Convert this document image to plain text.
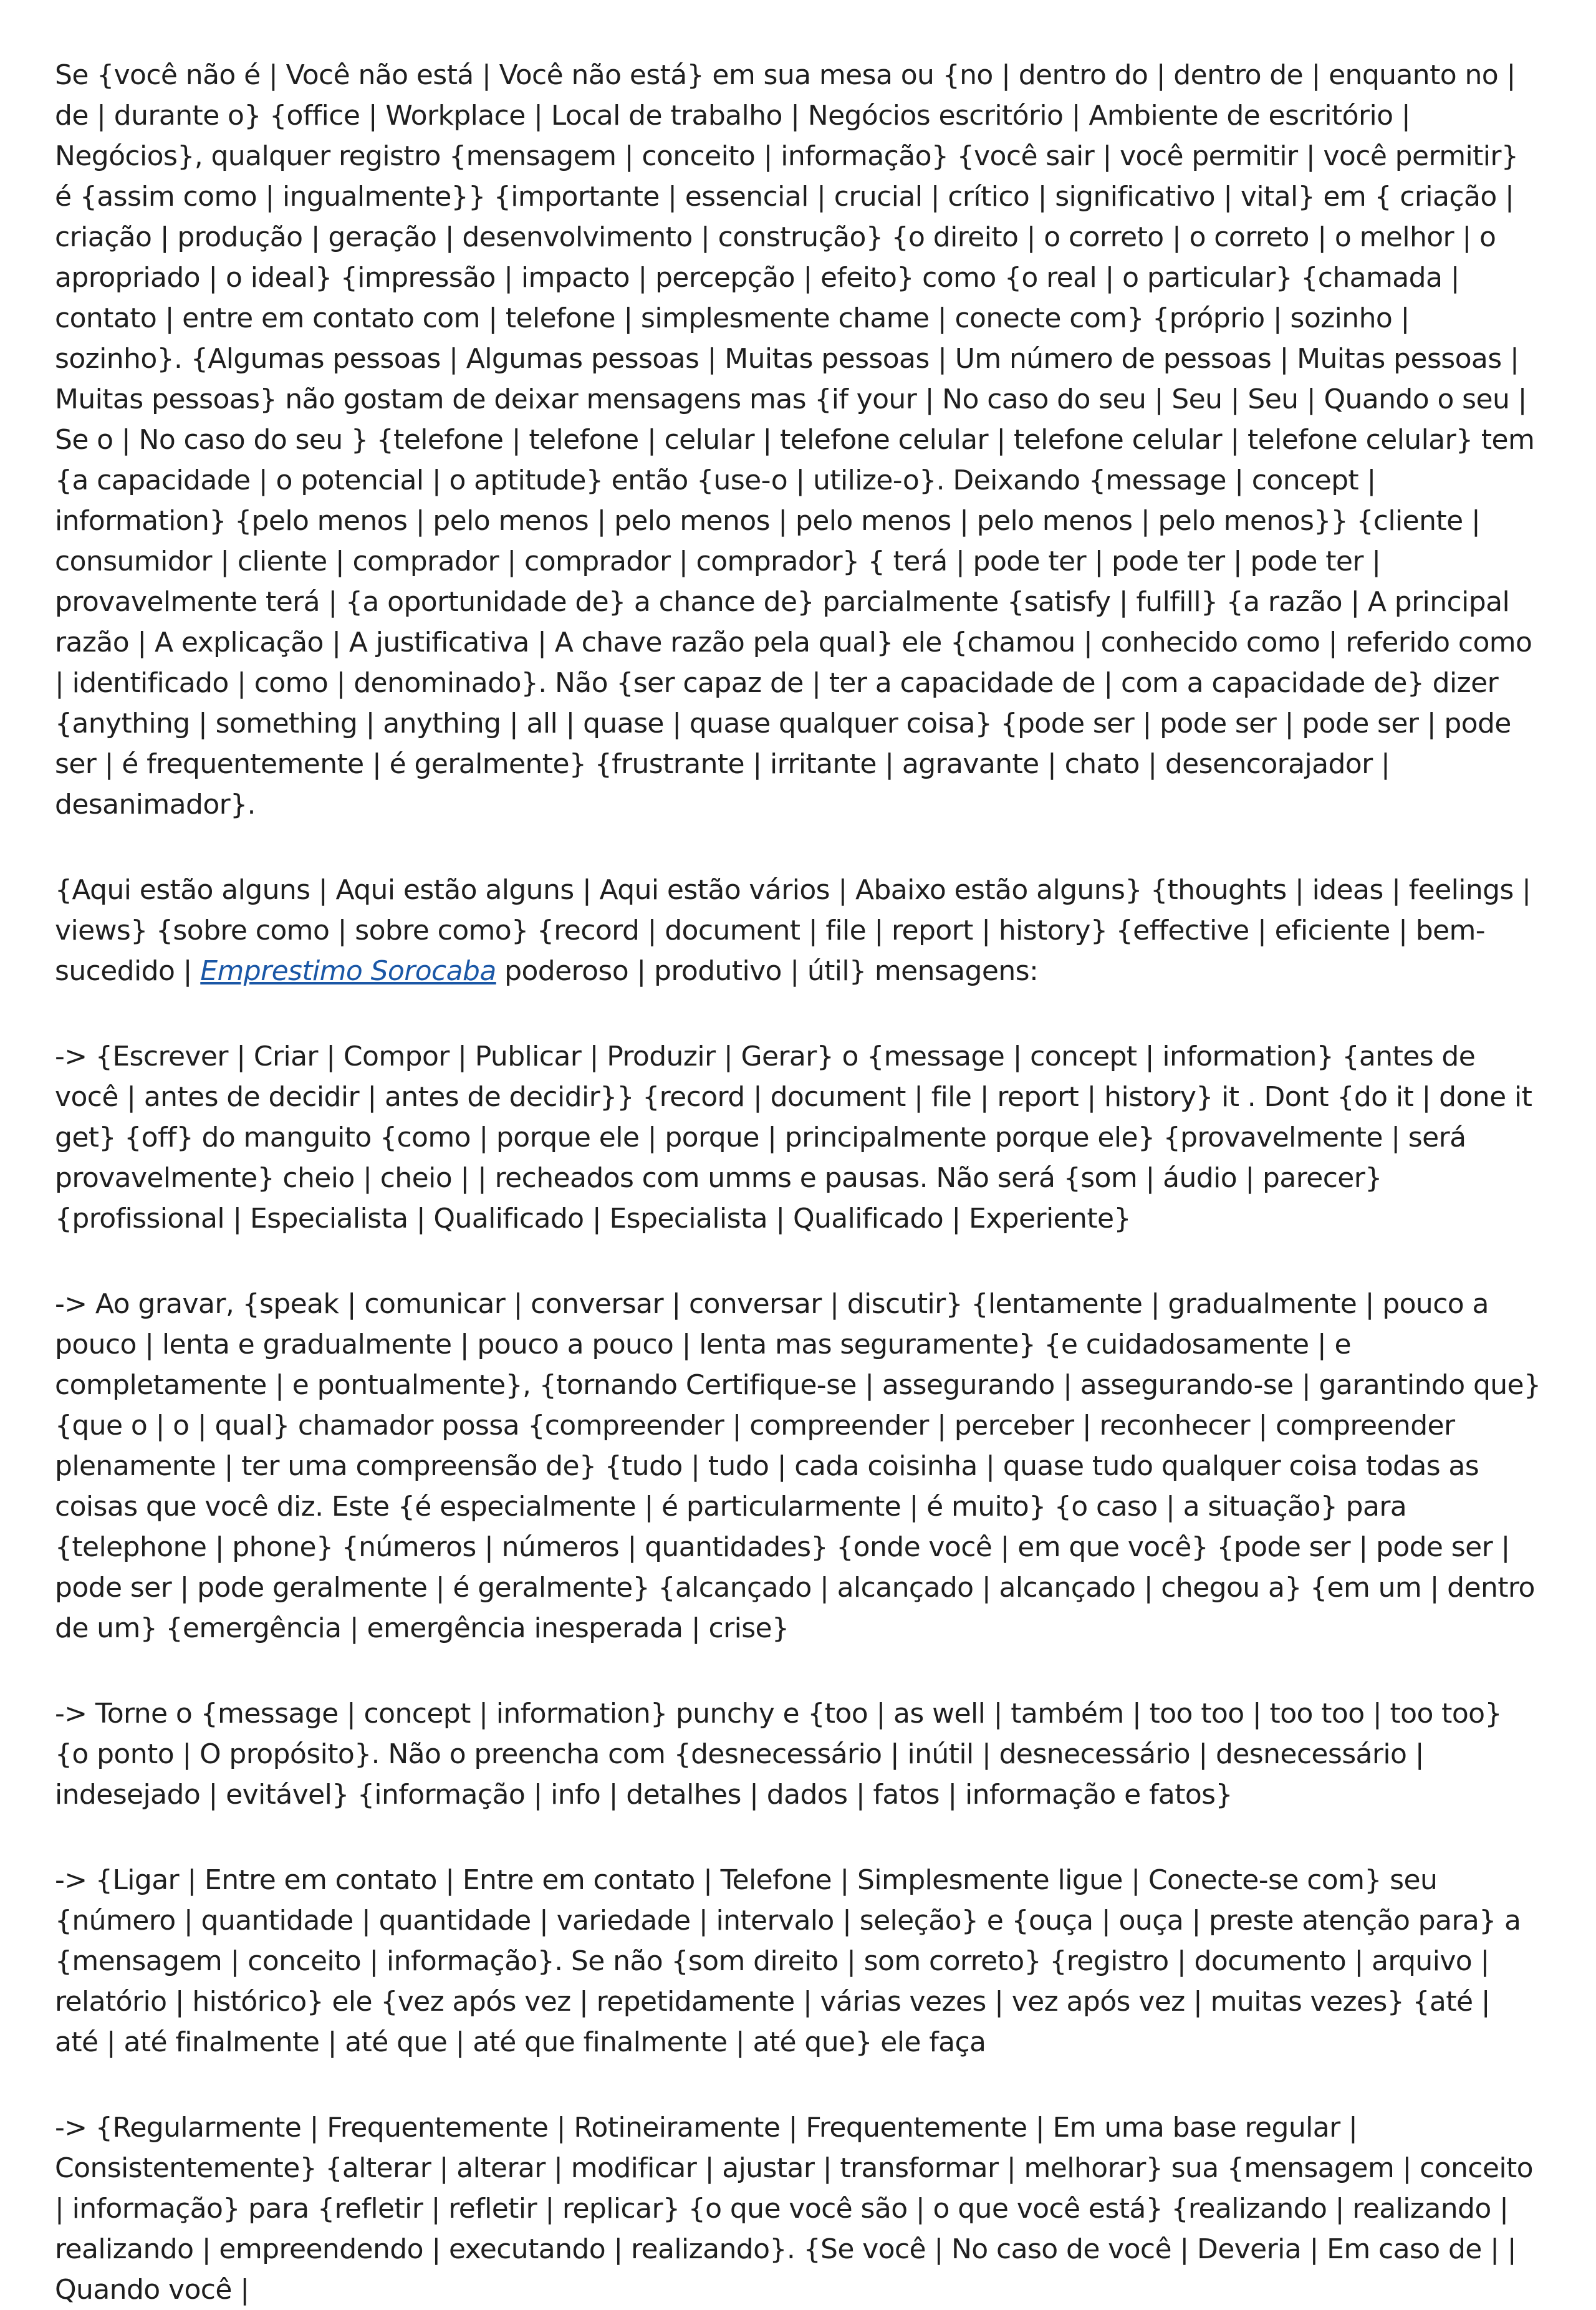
Se {você não é | Você não está | Você não está} em sua mesa ou {no | dentro do | dentro de | enquanto no | de | durante o} {office | Workplace | Local de trabalho | Negócios escritório | Ambiente de escritório | Negócios}, qualquer registro {mensagem | conceito | informação} {você sair | você permitir | você permitir} é {assim como | ingualmente}} {importante | essencial | crucial | crítico | significativo | vital} em { criação | criação | produção | geração | desenvolvimento | construção} {o direito | o correto | o correto | o melhor | o apropriado | o ideal} {impressão | impacto | percepção | efeito} como {o real | o particular} {chamada | contato | entre em contato com | telefone | simplesmente chame | conecte com} {próprio | sozinho | sozinho}. {Algumas pessoas | Algumas pessoas | Muitas pessoas | Um número de pessoas | Muitas pessoas | Muitas pessoas} não gostam de deixar mensagens mas {if your | No caso do seu | Seu | Seu | Quando o seu | Se o | No caso do seu } {telefone | telefone | celular | telefone celular | telefone celular | telefone celular} tem {a capacidade | o potencial | o aptitude} então {use-o | utilize-o}. Deixando {message | concept | information} {pelo menos | pelo menos | pelo menos | pelo menos | pelo menos | pelo menos}} {cliente | consumidor | cliente | comprador | comprador | comprador} { terá | pode ter | pode ter | pode ter | provavelmente terá | {a oportunidade de} a chance de} parcialmente {satisfy | fulfill} {a razão | A principal razão | A explicação | A justificativa | A chave razão pela qual} ele {chamou | conhecido como | referido como | identificado | como | denominado}. Não {ser capaz de | ter a capacidade de | com a capacidade de} dizer {anything | something | anything | all | quase | quase qualquer coisa} {pode ser | pode ser | pode ser | pode ser | é frequentemente | é geralmente} {frustrante | irritante | agravante | chato | desencorajador | desanimador}.

{Aqui estão alguns | Aqui estão alguns | Aqui estão vários | Abaixo estão alguns} {thoughts | ideas | feelings | views} {sobre como | sobre como} {record | document | file | report | history} {effective | eficiente | bem-sucedido | Emprestimo Sorocaba poderoso | produtivo | útil} mensagens:

-> {Escrever | Criar | Compor | Publicar | Produzir | Gerar} o {message | concept | information} {antes de você | antes de decidir | antes de decidir}} {record | document | file | report | history} it . Dont {do it | done it get} {off} do manguito {como | porque ele | porque | principalmente porque ele} {provavelmente | será provavelmente} cheio | cheio | | recheados com umms e pausas. Não será {som | áudio | parecer} {profissional | Especialista | Qualificado | Especialista | Qualificado | Experiente}

-> Ao gravar, {speak | comunicar | conversar | conversar | discutir} {lentamente | gradualmente | pouco a pouco | lenta e gradualmente | pouco a pouco | lenta mas seguramente} {e cuidadosamente | e completamente | e pontualmente}, {tornando Certifique-se | assegurando | assegurando-se | garantindo que} {que o | o | qual} chamador possa {compreender | compreender | perceber | reconhecer | compreender plenamente | ter uma compreensão de} {tudo | tudo | cada coisinha | quase tudo qualquer coisa todas as coisas que você diz. Este {é especialmente | é particularmente | é muito} {o caso | a situação} para {telephone | phone} {números | números | quantidades} {onde você | em que você} {pode ser | pode ser | pode ser | pode geralmente | é geralmente} {alcançado | alcançado | alcançado | chegou a} {em um | dentro de um} {emergência | emergência inesperada | crise}

-> Torne o {message | concept | information} punchy e {too | as well | também | too too | too too | too too} {o ponto | O propósito}. Não o preencha com {desnecessário | inútil | desnecessário | desnecessário | indesejado | evitável} {informação | info | detalhes | dados | fatos | informação e fatos}

-> {Ligar | Entre em contato | Entre em contato | Telefone | Simplesmente ligue | Conecte-se com} seu {número | quantidade | quantidade | variedade | intervalo | seleção} e {ouça | ouça | preste atenção para} a {mensagem | conceito | informação}. Se não {som direito | som correto} {registro | documento | arquivo | relatório | histórico} ele {vez após vez | repetidamente | várias vezes | vez após vez | muitas vezes} {até | até | até finalmente | até que | até que finalmente | até que} ele faça

-> {Regularmente | Frequentemente | Rotineiramente | Frequentemente | Em uma base regular | Consistentemente} {alterar | alterar | modificar | ajustar | transformar | melhorar} sua {mensagem | conceito | informação} para {refletir | refletir | replicar} {o que você são | o que você está} {realizando | realizando | realizando | empreendendo | executando | realizando}. {Se você | No caso de você | Deveria | Em caso de | | Quando você |
